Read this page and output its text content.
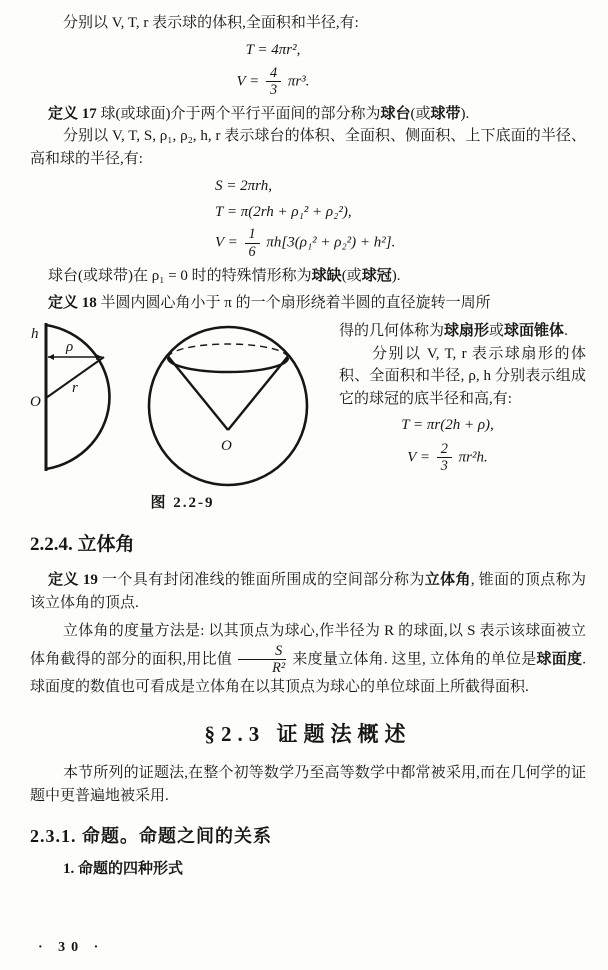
分别以 V, T, r 表示球的体积,全面积和半径,有:

T = 4πr²,
$V = \frac{4}{3} \pi r^3$.

定义 17 球(或球面)介于两个平行平面间的部分称为球台(或球带).

分别以 V, T, S, ρ₁, ρ₂, h, r 表示球台的体积、全面积、侧面积、上下底面的半径、高和球的半径,有:

S = 2πrh,
T = π(2rh + ρ₁² + ρ₂²),
$V = \frac{1}{6} \pi h[3(\rho_1^2 + \rho_2^2) + h^2]$.

球台(或球带)在 ρ₁ = 0 时的特殊情形称为球缺(或球冠).

定义 18 半圆内圆心角小于 π 的一个扇形绕着半圆的直径旋转一周所

h
ρ
r
O
O
图 2.2-9

得的几何体称为球扇形或球面锥体.

分别以 V, T, r 表示球扇形的体积、全面积和半径, ρ, h 分别表示组成它的球冠的底半径和高,有:

T = πr(2h + ρ),
$V = \frac{2}{3} \pi r^2h$.
2.2.4. 立体角

定义 19 一个具有封闭准线的锥面所围成的空间部分称为立体角, 锥面的顶点称为该立体角的顶点.

立体角的度量方法是: 以其顶点为球心,作半径为 R 的球面,以 S 表示该球面被立体角截得的部分的面积,用比值 $\frac{S}{\text{R²}}$ 来度量立体角. 这里, 立体角的单位是球面度. 球面度的数值也可看成是立体角在以其顶点为球心的单位球面上所截得面积.

§2.3 证题法概述

本节所列的证题法,在整个初等数学乃至高等数学中都常被采用,而在几何学的证题中更普遍地被采用.

2.3.1. 命题。命题之间的关系

1. 命题的四种形式

· 30 ·
